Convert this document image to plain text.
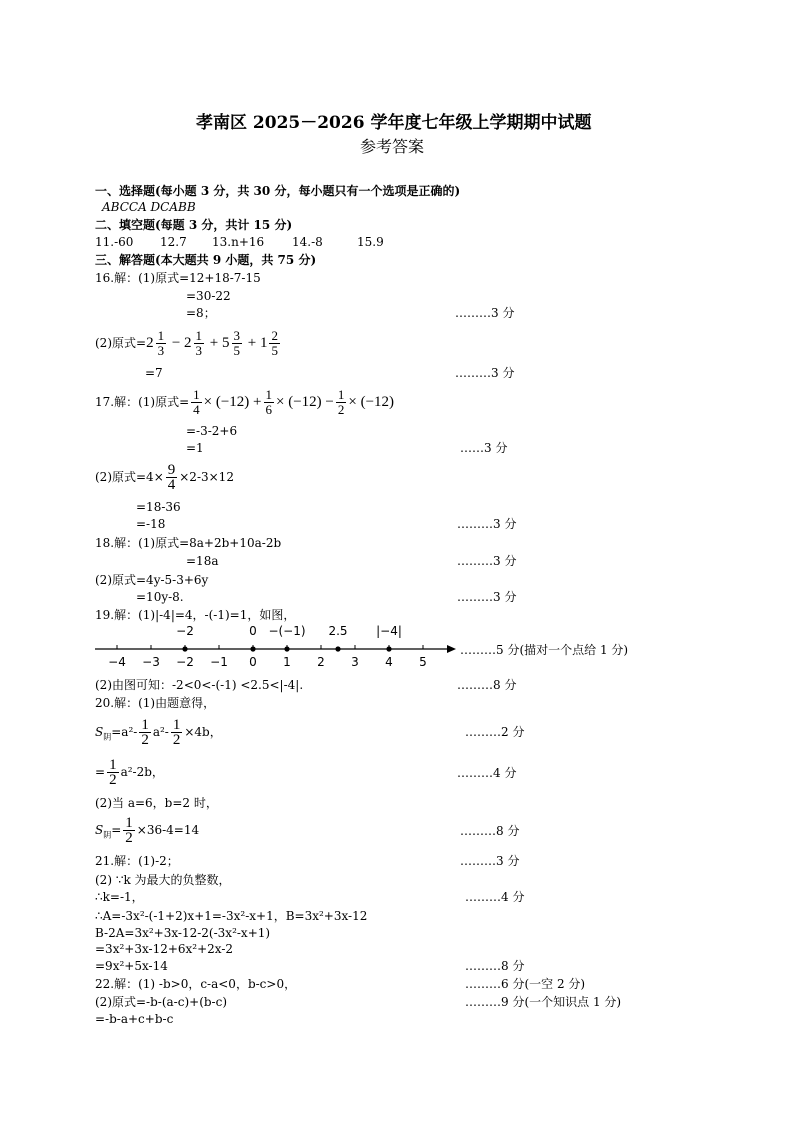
孝南区 2025－2026 学年度七年级上学期期中试题
参考答案
一、选择题(每小题 3 分，共 30 分，每小题只有一个选项是正确的)
ABCCA DCABB
二、填空题(每题 3 分，共计 15 分)
11.-60 12.7 13.n+16 14.-8	15.9
三、解答题(本大题共 9 小题，共 75 分)
16.解：(1)原式=12+18-7-15
=30-22
=8；	………3 分
(2)原式$=2 \frac{1}{3} - 2 \frac{1}{3} + 5 \frac{3}{5} + 1 \frac{2}{5}$
=7	………3 分
17.解：(1)原式= $\frac{1}{4} \times (-12) + \frac{1}{6} \times (-12) - \frac{1}{2} \times (-12)$
=-3-2+6
=1	……3 分
(2)原式$=4\times \frac{9}{4} \times 2-3\times 12$
=18-36
=-18	………3 分
18.解：(1)原式=8a+2b+10a-2b
=18a	………3 分
(2)原式=4y-5-3+6y
=10y-8.	………3 分
19.解：(1)|-4|=4，-(-1)=1，如图，
−4 −3 −2 −1 0 1 2 3 4 5
−2	0 −(−1) 2.5 |−4|
………5 分(描对一个点给 1 分)
(2)由图可知：-2<0<-(-1) <2.5<|-4|.	………8 分
20.解：(1)由题意得，
$S_阴=a^2- \frac{1}{2} a^2- \frac{1}{2} \times 4b$，	………2 分
= $\frac{1}{2} a^2-2b$，	………4 分
(2)当 a=6，b=2 时，
$S_阴= \frac{1}{2} \times 36-4=14$	………8 分
21.解：(1)-2；	………3 分
(2) ∵k 为最大的负整数，
∴k=-1，	………4 分
∴A=-3x²-(-1+2)x+1=-3x²-x+1，B=3x²+3x-12
B-2A=3x²+3x-12-2(-3x²-x+1)
=3x²+3x-12+6x²+2x-2
=9x²+5x-14	………8 分
22.解：(1) -b>0，c-a<0，b-c>0，	………6 分(一空 2 分)
(2)原式=-b-(a-c)+(b-c)	………9 分(一个知识点 1 分)
=-b-a+c+b-c
